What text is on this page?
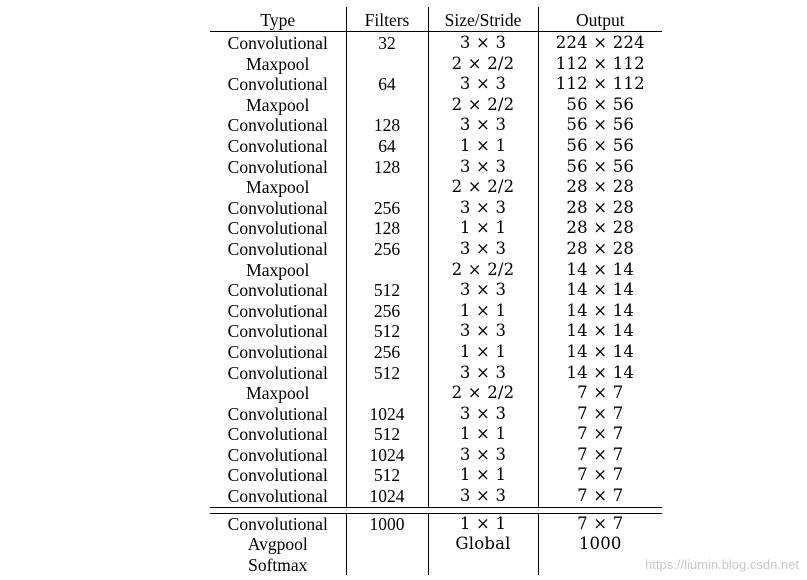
Type	Filters	Size/Stride	Output
Convolutional	32	3 × 3	224 × 224
Maxpool		2 × 2/2	112 × 112
Convolutional	64	3 × 3	112 × 112
Maxpool		2 × 2/2	56 × 56
Convolutional	128	3 × 3	56 × 56
Convolutional	64	1 × 1	56 × 56
Convolutional	128	3 × 3	56 × 56
Maxpool		2 × 2/2	28 × 28
Convolutional	256	3 × 3	28 × 28
Convolutional	128	1 × 1	28 × 28
Convolutional	256	3 × 3	28 × 28
Maxpool		2 × 2/2	14 × 14
Convolutional	512	3 × 3	14 × 14
Convolutional	256	1 × 1	14 × 14
Convolutional	512	3 × 3	14 × 14
Convolutional	256	1 × 1	14 × 14
Convolutional	512	3 × 3	14 × 14
Maxpool		2 × 2/2	7 × 7
Convolutional	1024	3 × 3	7 × 7
Convolutional	512	1 × 1	7 × 7
Convolutional	1024	3 × 3	7 × 7
Convolutional	512	1 × 1	7 × 7
Convolutional	1024	3 × 3	7 × 7

Convolutional	1000	1 × 1	7 × 7
Avgpool		Global	1000
Softmax				https://liumin.blog.csdn.net
